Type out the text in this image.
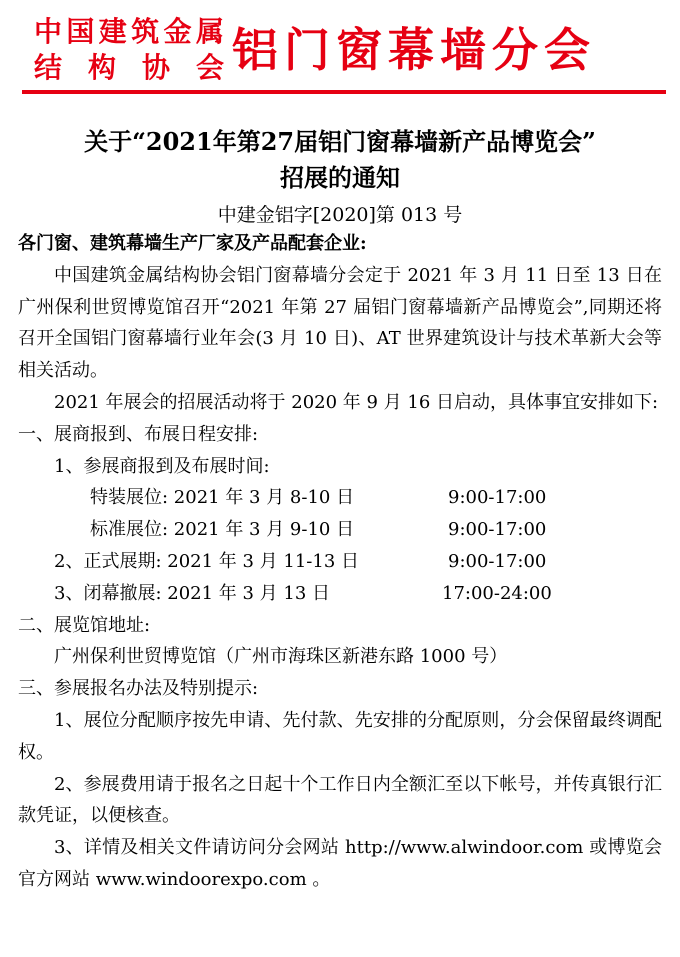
中国建筑金属
结 构 协 会 铝门窗幕墙分会
关于“2021年第27届铝门窗幕墙新产品博览会”
招展的通知
中建金铝字[2020]第 013 号

各门窗、建筑幕墙生产厂家及产品配套企业:

中国建筑金属结构协会铝门窗幕墙分会定于 2021 年 3 月 11 日至 13 日在广州保利世贸博览馆召开“2021 年第 27 届铝门窗幕墙新产品博览会”,同期还将召开全国铝门窗幕墙行业年会(3 月 10 日)、AT 世界建筑设计与技术革新大会等相关活动。

2021 年展会的招展活动将于 2020 年 9 月 16 日启动，具体事宜安排如下:

一、展商报到、布展日程安排:

1、参展商报到及布展时间:

特装展位: 2021 年 3 月 8-10 日	9:00-17:00
标准展位: 2021 年 3 月 9-10 日	9:00-17:00
2、正式展期: 2021 年 3 月 11-13 日	9:00-17:00
3、闭幕撤展: 2021 年 3 月 13 日	17:00-24:00

二、展览馆地址:

广州保利世贸博览馆（广州市海珠区新港东路 1000 号）

三、参展报名办法及特别提示:

1、展位分配顺序按先申请、先付款、先安排的分配原则，分会保留最终调配权。

2、参展费用请于报名之日起十个工作日内全额汇至以下帐号，并传真银行汇款凭证，以便核查。

3、详情及相关文件请访问分会网站 http://www.alwindoor.com 或博览会官方网站 www.windoorexpo.com 。
